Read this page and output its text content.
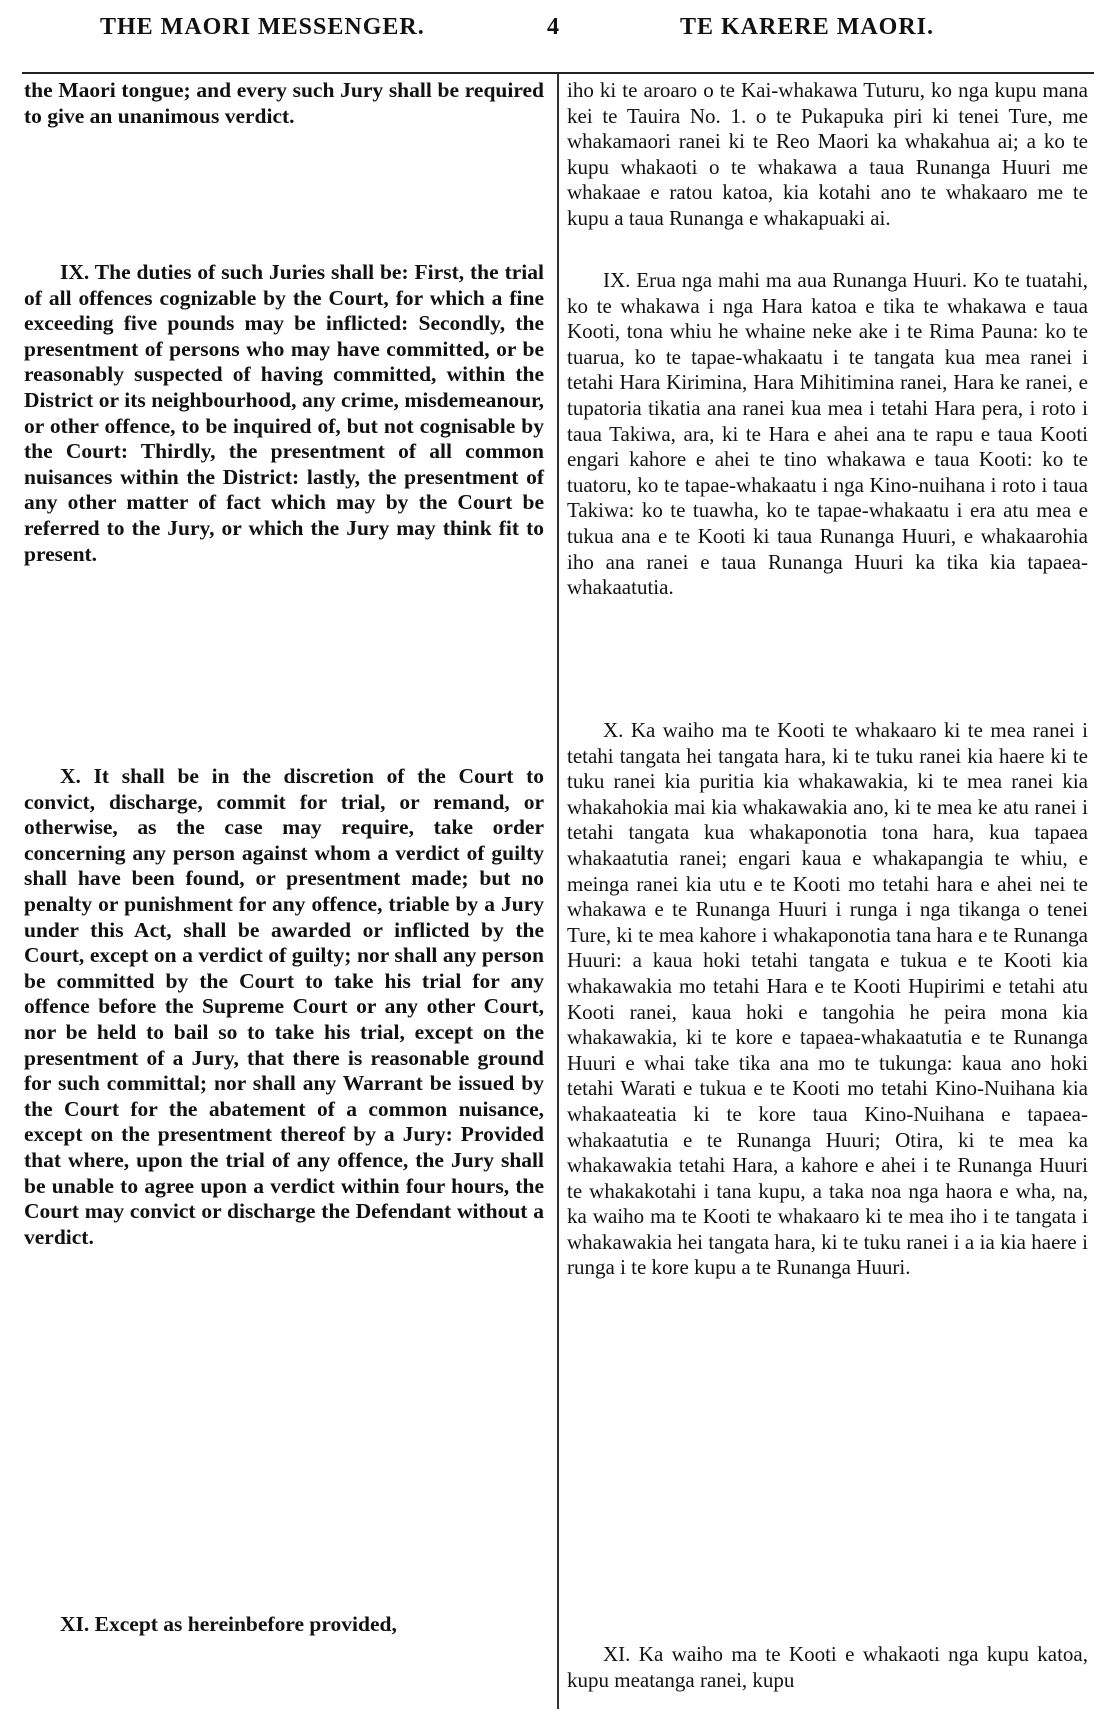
THE MAORI MESSENGER.	4	TE KARERE MAORI.

the Maori tongue; and every such Jury shall be required to give an unanimous verdict.

IX. The duties of such Juries shall be: First, the trial of all offences cognizable by the Court, for which a fine exceeding five pounds may be inflicted: Secondly, the presentment of persons who may have committed, or be reasonably suspected of having committed, within the District or its neighbourhood, any crime, misdemeanour, or other offence, to be inquired of, but not cognisable by the Court: Thirdly, the presentment of all common nuisances within the District: lastly, the presentment of any other matter of fact which may by the Court be referred to the Jury, or which the Jury may think fit to present.

X. It shall be in the discretion of the Court to convict, discharge, commit for trial, or remand, or otherwise, as the case may require, take order concerning any person against whom a verdict of guilty shall have been found, or presentment made; but no penalty or punishment for any offence, triable by a Jury under this Act, shall be awarded or inflicted by the Court, except on a verdict of guilty; nor shall any person be committed by the Court to take his trial for any offence before the Supreme Court or any other Court, nor be held to bail so to take his trial, except on the presentment of a Jury, that there is reasonable ground for such committal; nor shall any Warrant be issued by the Court for the abatement of a common nuisance, except on the presentment thereof by a Jury: Provided that where, upon the trial of any offence, the Jury shall be unable to agree upon a verdict within four hours, the Court may convict or discharge the Defendant without a verdict.

XI. Except as hereinbefore provided,

iho ki te aroaro o te Kai-whakawa Tuturu, ko nga kupu mana kei te Tauira No. 1. o te Pukapuka piri ki tenei Ture, me whakamaori ranei ki te Reo Maori ka whakahua ai; a ko te kupu whakaoti o te whakawa a taua Runanga Huuri me whakaae e ratou katoa, kia kotahi ano te whakaaro me te kupu a taua Runanga e whakapuaki ai.

IX. Erua nga mahi ma aua Runanga Huuri. Ko te tuatahi, ko te whakawa i nga Hara katoa e tika te whakawa e taua Kooti, tona whiu he whaine neke ake i te Rima Pauna: ko te tuarua, ko te tapae-whakaatu i te tangata kua mea ranei i tetahi Hara Kirimina, Hara Mihitimina ranei, Hara ke ranei, e tupatoria tikatia ana ranei kua mea i tetahi Hara pera, i roto i taua Takiwa, ara, ki te Hara e ahei ana te rapu e taua Kooti engari kahore e ahei te tino whakawa e taua Kooti: ko te tuatoru, ko te tapae-whakaatu i nga Kino-nuihana i roto i taua Takiwa: ko te tuawha, ko te tapae-whakaatu i era atu mea e tukua ana e te Kooti ki taua Runanga Huuri, e whakaarohia iho ana ranei e taua Runanga Huuri ka tika kia tapaea-whakaatutia.

X. Ka waiho ma te Kooti te whakaaro ki te mea ranei i tetahi tangata hei tangata hara, ki te tuku ranei kia haere ki te tuku ranei kia puritia kia whakawakia, ki te mea ranei kia whakahokia mai kia whakawakia ano, ki te mea ke atu ranei i tetahi tangata kua whakaponotia tona hara, kua tapaea whakaatutia ranei; engari kaua e whakapangia te whiu, e meinga ranei kia utu e te Kooti mo tetahi hara e ahei nei te whakawa e te Runanga Huuri i runga i nga tikanga o tenei Ture, ki te mea kahore i whakaponotia tana hara e te Runanga Huuri: a kaua hoki tetahi tangata e tukua e te Kooti kia whakawakia mo tetahi Hara e te Kooti Hupirimi e tetahi atu Kooti ranei, kaua hoki e tangohia he peira mona kia whakawakia, ki te kore e tapaea-whakaatutia e te Runanga Huuri e whai take tika ana mo te tukunga: kaua ano hoki tetahi Warati e tukua e te Kooti mo tetahi Kino-Nuihana kia whakaateatia ki te kore taua Kino-Nuihana e tapaea-whakaatutia e te Runanga Huuri; Otira, ki te mea ka whakawakia tetahi Hara, a kahore e ahei i te Runanga Huuri te whakakotahi i tana kupu, a taka noa nga haora e wha, na, ka waiho ma te Kooti te whakaaro ki te mea iho i te tangata i whakawakia hei tangata hara, ki te tuku ranei i a ia kia haere i runga i te kore kupu a te Runanga Huuri.

XI. Ka waiho ma te Kooti e whakaoti nga kupu katoa, kupu meatanga ranei, kupu
